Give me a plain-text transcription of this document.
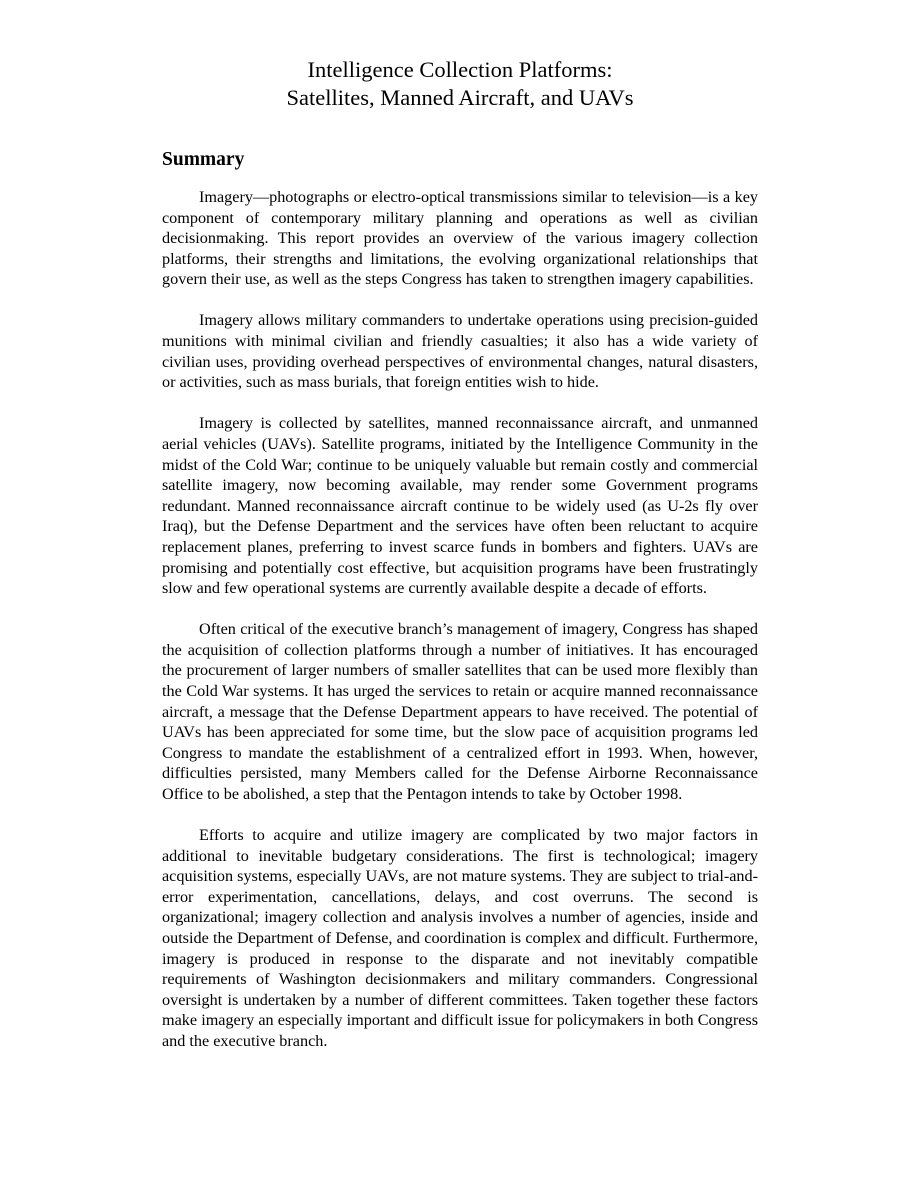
Intelligence Collection Platforms:
Satellites, Manned Aircraft, and UAVs
Summary

Imagery—photographs or electro-optical transmissions similar to television—is a key component of contemporary military planning and operations as well as civilian decisionmaking. This report provides an overview of the various imagery collection platforms, their strengths and limitations, the evolving organizational relationships that govern their use, as well as the steps Congress has taken to strengthen imagery capabilities.

Imagery allows military commanders to undertake operations using precision-guided munitions with minimal civilian and friendly casualties; it also has a wide variety of civilian uses, providing overhead perspectives of environmental changes, natural disasters, or activities, such as mass burials, that foreign entities wish to hide.

Imagery is collected by satellites, manned reconnaissance aircraft, and unmanned aerial vehicles (UAVs). Satellite programs, initiated by the Intelligence Community in the midst of the Cold War; continue to be uniquely valuable but remain costly and commercial satellite imagery, now becoming available, may render some Government programs redundant. Manned reconnaissance aircraft continue to be widely used (as U-2s fly over Iraq), but the Defense Department and the services have often been reluctant to acquire replacement planes, preferring to invest scarce funds in bombers and fighters. UAVs are promising and potentially cost effective, but acquisition programs have been frustratingly slow and few operational systems are currently available despite a decade of efforts.

Often critical of the executive branch’s management of imagery, Congress has shaped the acquisition of collection platforms through a number of initiatives. It has encouraged the procurement of larger numbers of smaller satellites that can be used more flexibly than the Cold War systems. It has urged the services to retain or acquire manned reconnaissance aircraft, a message that the Defense Department appears to have received. The potential of UAVs has been appreciated for some time, but the slow pace of acquisition programs led Congress to mandate the establishment of a centralized effort in 1993. When, however, difficulties persisted, many Members called for the Defense Airborne Reconnaissance Office to be abolished, a step that the Pentagon intends to take by October 1998.

Efforts to acquire and utilize imagery are complicated by two major factors in additional to inevitable budgetary considerations. The first is technological; imagery acquisition systems, especially UAVs, are not mature systems. They are subject to trial-and-error experimentation, cancellations, delays, and cost overruns. The second is organizational; imagery collection and analysis involves a number of agencies, inside and outside the Department of Defense, and coordination is complex and difficult. Furthermore, imagery is produced in response to the disparate and not inevitably compatible requirements of Washington decisionmakers and military commanders. Congressional oversight is undertaken by a number of different committees. Taken together these factors make imagery an especially important and difficult issue for policymakers in both Congress and the executive branch.
